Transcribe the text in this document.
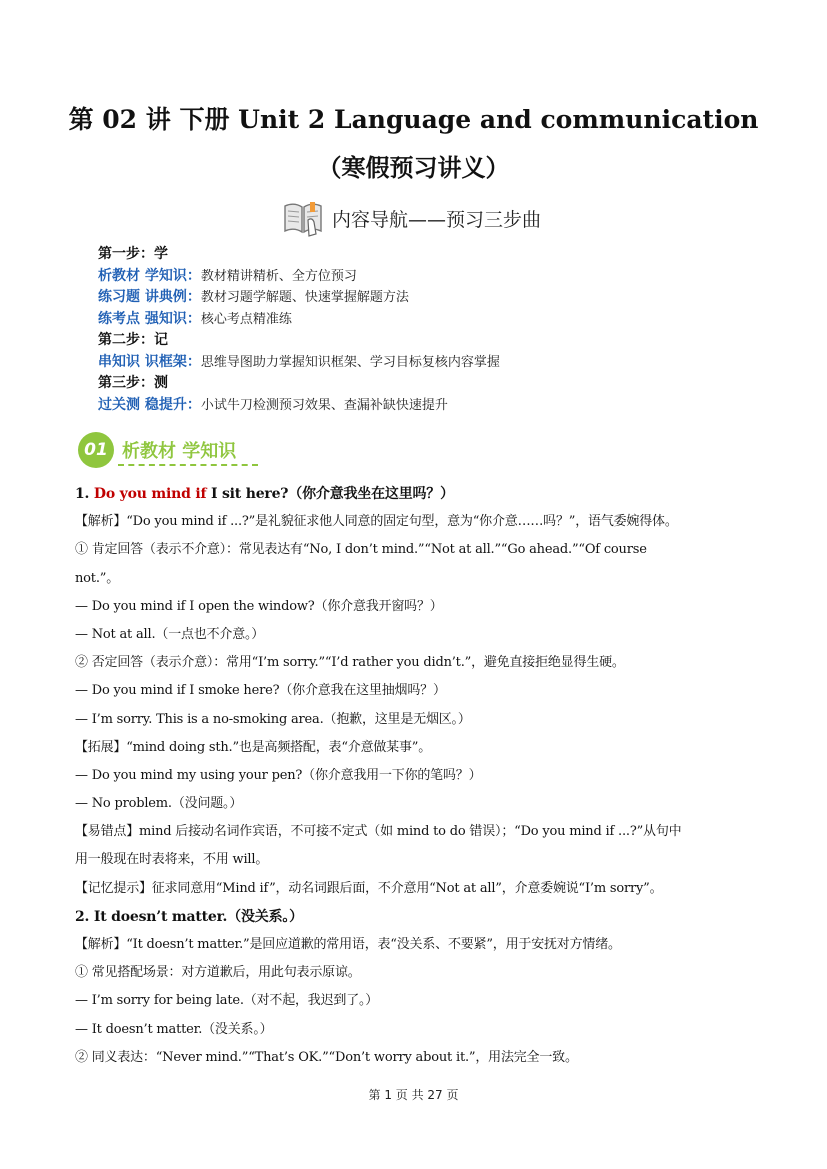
第 02 讲 下册 Unit 2 Language and communication
（寒假预习讲义）
内容导航——预习三步曲
第一步：学
析教材 学知识：教材精讲精析、全方位预习
练习题 讲典例：教材习题学解题、快速掌握解题方法
练考点 强知识：核心考点精准练
第二步：记
串知识 识框架：思维导图助力掌握知识框架、学习目标复核内容掌握
第三步：测
过关测 稳提升：小试牛刀检测预习效果、查漏补缺快速提升
01 析教材 学知识
1. Do you mind if I sit here?（你介意我坐在这里吗？）
【解析】“Do you mind if ...?”是礼貌征求他人同意的固定句型，意为“你介意……吗？”，语气委婉得体。
① 肯定回答（表示不介意）：常见表达有“No, I don’t mind.”“Not at all.”“Go ahead.”“Of course
not.”。
— Do you mind if I open the window?（你介意我开窗吗？）
— Not at all.（一点也不介意。）
② 否定回答（表示介意）：常用“I’m sorry.”“I’d rather you didn’t.”，避免直接拒绝显得生硬。
— Do you mind if I smoke here?（你介意我在这里抽烟吗？）
— I’m sorry. This is a no-smoking area.（抱歉，这里是无烟区。）
【拓展】“mind doing sth.”也是高频搭配，表“介意做某事”。
— Do you mind my using your pen?（你介意我用一下你的笔吗？）
— No problem.（没问题。）
【易错点】mind 后接动名词作宾语，不可接不定式（如 mind to do 错误）；“Do you mind if ...?”从句中
用一般现在时表将来，不用 will。
【记忆提示】征求同意用“Mind if”，动名词跟后面，不介意用“Not at all”，介意委婉说“I’m sorry”。
2. It doesn’t matter.（没关系。）
【解析】“It doesn’t matter.”是回应道歉的常用语，表“没关系、不要紧”，用于安抚对方情绪。
① 常见搭配场景：对方道歉后，用此句表示原谅。
— I’m sorry for being late.（对不起，我迟到了。）
— It doesn’t matter.（没关系。）
② 同义表达：“Never mind.”“That’s OK.”“Don’t worry about it.”，用法完全一致。
第 1 页 共 27 页
